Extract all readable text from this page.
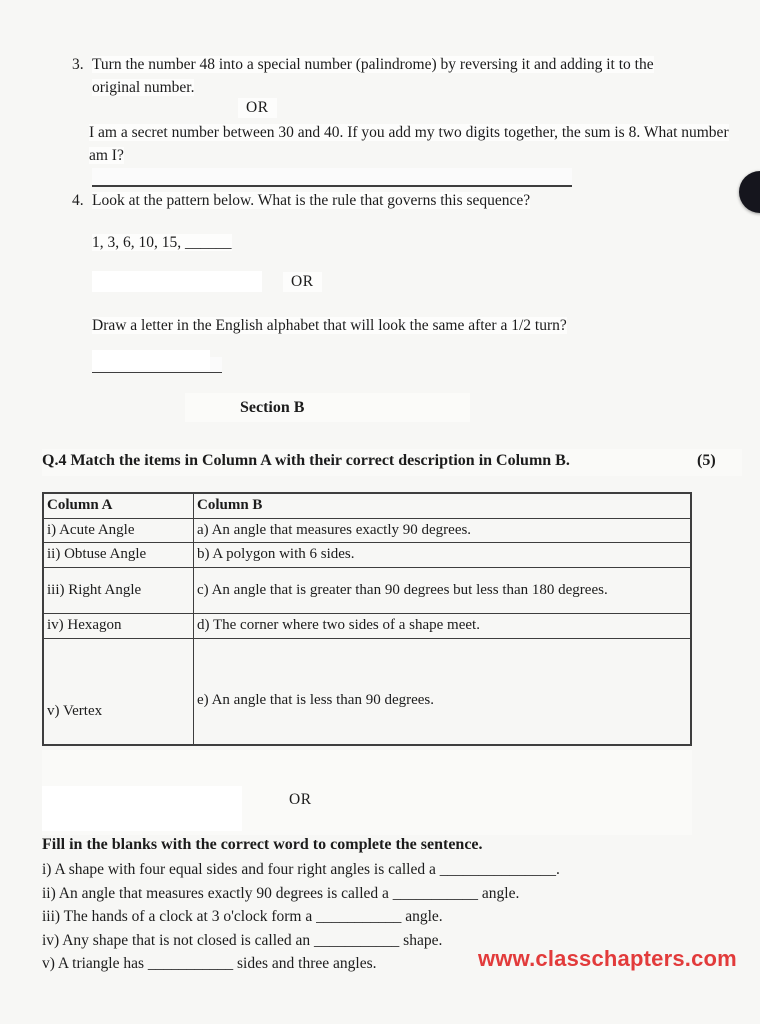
3. Turn the number 48 into a special number (palindrome) by reversing it and adding it to the original number.
OR
I am a secret number between 30 and 40. If you add my two digits together, the sum is 8. What number am I?
4. Look at the pattern below. What is the rule that governs this sequence?
1, 3, 6, 10, 15, ______
OR
Draw a letter in the English alphabet that will look the same after a 1/2 turn?
Section B
Q.4 Match the items in Column A with their correct description in Column B.	(5)
Column A	Column B
i) Acute Angle	a) An angle that measures exactly 90 degrees.
ii) Obtuse Angle	b) A polygon with 6 sides.
iii) Right Angle	c) An angle that is greater than 90 degrees but less than 180 degrees.
iv) Hexagon	d) The corner where two sides of a shape meet.
v) Vertex	e) An angle that is less than 90 degrees.
OR
Fill in the blanks with the correct word to complete the sentence.
i) A shape with four equal sides and four right angles is called a _______________.
ii) An angle that measures exactly 90 degrees is called a ___________ angle.
iii) The hands of a clock at 3 o'clock form a ___________ angle.
iv) Any shape that is not closed is called an ___________ shape.
v) A triangle has ___________ sides and three angles.	www.classchapters.com
